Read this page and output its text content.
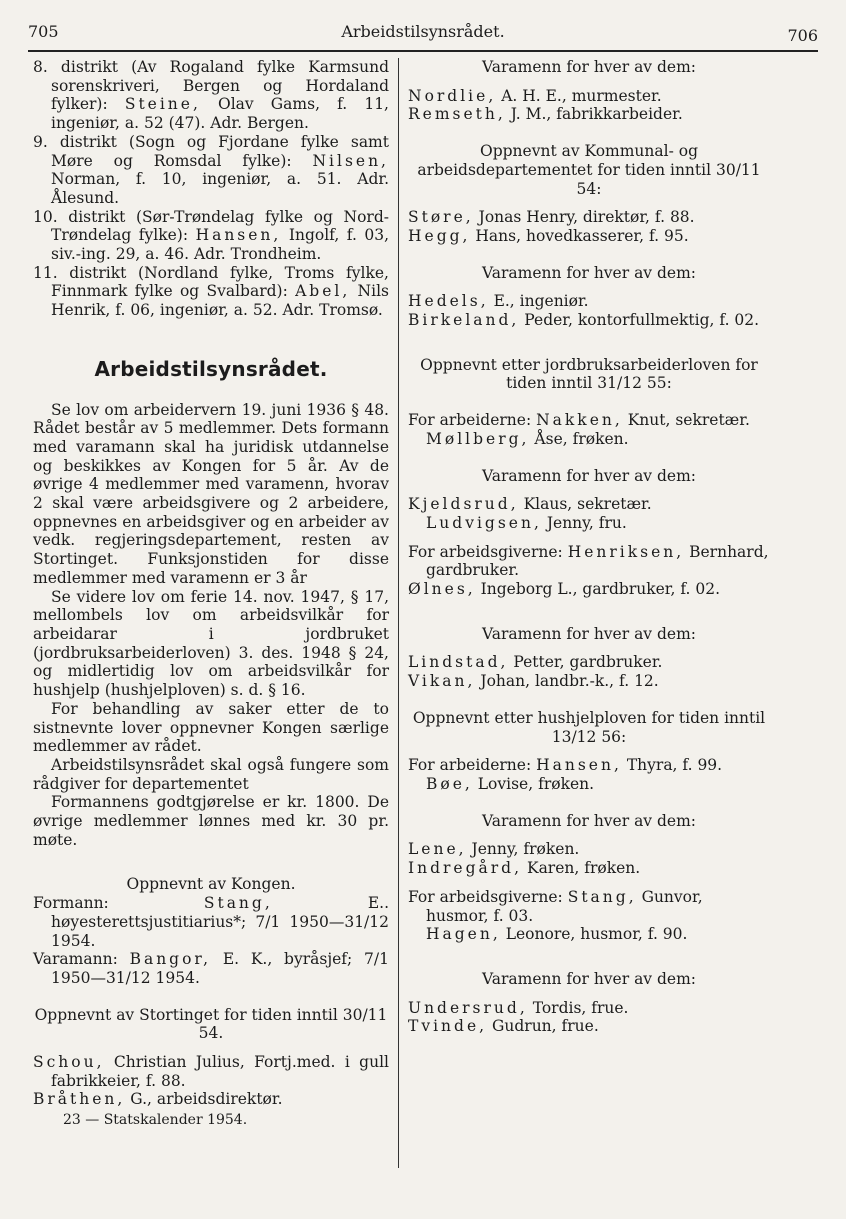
705	Arbeidstilsynsrådet.	706

8. distrikt (Av Rogaland fylke Karmsund sorenskriveri, Bergen og Hordaland fylker): Steine, Olav Gams, f. 11, ingeniør, a. 52 (47). Adr. Bergen.

9. distrikt (Sogn og Fjordane fylke samt Møre og Romsdal fylke): Nilsen, Norman, f. 10, ingeniør, a. 51. Adr. Ålesund.

10. distrikt (Sør-Trøndelag fylke og Nord-Trøndelag fylke): Hansen, Ingolf, f. 03, siv.-ing. 29, a. 46. Adr. Trondheim.

11. distrikt (Nordland fylke, Troms fylke, Finnmark fylke og Svalbard): Abel, Nils Henrik, f. 06, ingeniør, a. 52. Adr. Tromsø.

Arbeidstilsynsrådet.

Se lov om arbeidervern 19. juni 1936 § 48. Rådet består av 5 medlemmer. Dets formann med varamann skal ha juridisk utdannelse og beskikkes av Kongen for 5 år. Av de øvrige 4 medlemmer med varamenn, hvorav 2 skal være arbeidsgivere og 2 arbeidere, oppnevnes en arbeidsgiver og en arbeider av vedk. regjeringsdepartement, resten av Stortinget. Funksjonstiden for disse medlemmer med varamenn er 3 år

Se videre lov om ferie 14. nov. 1947, § 17, mellombels lov om arbeidsvilkår for arbeidarar i jordbruket (jordbruksarbeiderloven) 3. des. 1948 § 24, og midlertidig lov om arbeidsvilkår for hushjelp (hushjelploven) s. d. § 16.

For behandling av saker etter de to sistnevnte lover oppnevner Kongen særlige medlemmer av rådet.

Arbeidstilsynsrådet skal også fungere som rådgiver for departementet

Formannens godtgjørelse er kr. 1800. De øvrige medlemmer lønnes med kr. 30 pr. møte.

Oppnevnt av Kongen.

Formann:	Stang,	E.. høyesterettsjustitiarius*; 7/1 1950—31/12 1954.

Varamann: Bangor, E. K., byråsjef; 7/1 1950—31/12 1954.

Oppnevnt av Stortinget for tiden inntil 30/11 54.

Schou, Christian Julius, Fortj.med. i gull fabrikkeier, f. 88.

Bråthen, G., arbeidsdirektør.

23 — Statskalender 1954.

Varamenn for hver av dem:

Nordlie, A. H. E., murmester.

Remseth, J. M., fabrikkarbeider.

Oppnevnt av Kommunal- og arbeidsdepartementet for tiden inntil 30/11 54:

Støre, Jonas Henry, direktør, f. 88.

Hegg, Hans, hovedkasserer, f. 95.

Varamenn for hver av dem:

Hedels, E., ingeniør.

Birkeland, Peder, kontorfullmektig, f. 02.

Oppnevnt etter jordbruksarbeiderloven for tiden inntil 31/12 55:

For arbeiderne: Nakken, Knut, sekretær.

Møllberg, Åse, frøken.

Varamenn for hver av dem:

Kjeldsrud, Klaus, sekretær.

Ludvigsen, Jenny, fru.

For arbeidsgiverne: Henriksen, Bernhard, gardbruker.

Ølnes, Ingeborg L., gardbruker, f. 02.

Varamenn for hver av dem:

Lindstad, Petter, gardbruker.

Vikan, Johan, landbr.-k., f. 12.

Oppnevnt etter hushjelploven for tiden inntil 13/12 56:

For arbeiderne: Hansen, Thyra, f. 99.

Bøe, Lovise, frøken.

Varamenn for hver av dem:

Lene, Jenny, frøken.

Indregård, Karen, frøken.

For arbeidsgiverne: Stang, Gunvor, husmor, f. 03.

Hagen, Leonore, husmor, f. 90.

Varamenn for hver av dem:

Undersrud, Tordis, frue.

Tvinde, Gudrun, frue.
